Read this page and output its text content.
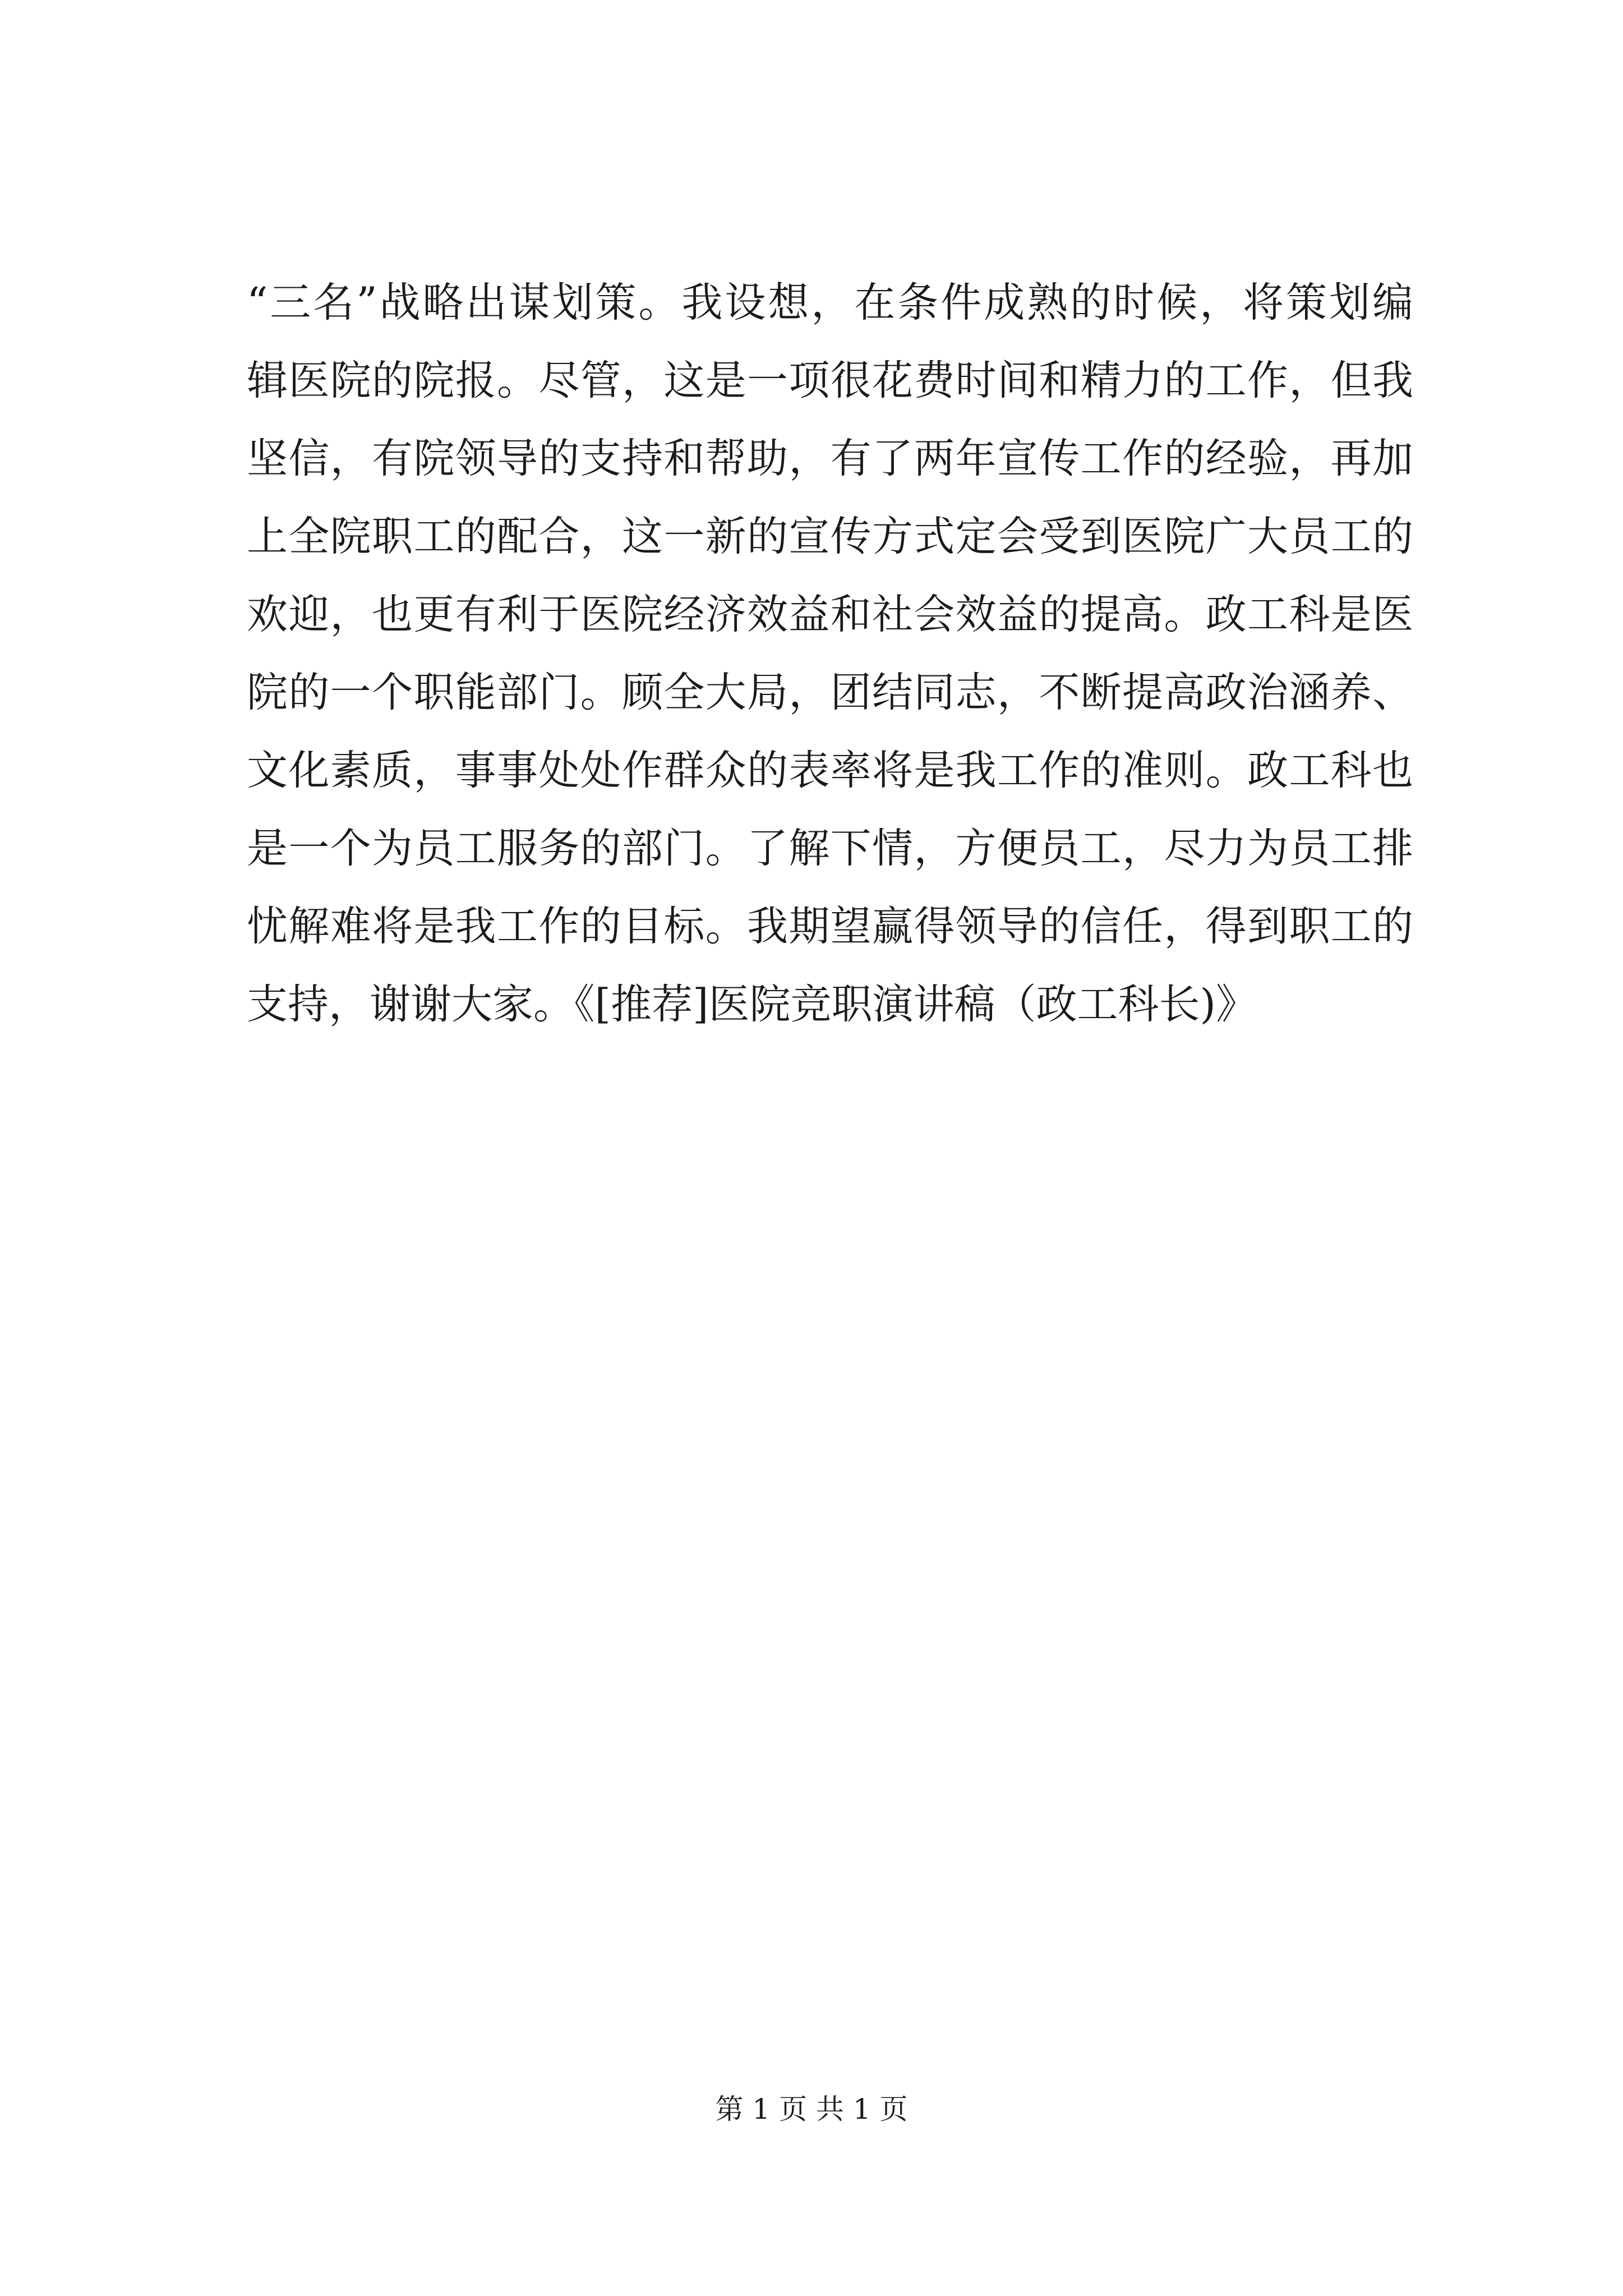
“三名”战略出谋划策。我设想，在条件成熟的时候，将策划编
辑医院的院报。尽管，这是一项很花费时间和精力的工作，但我
坚信，有院领导的支持和帮助，有了两年宣传工作的经验，再加
上全院职工的配合，这一新的宣传方式定会受到医院广大员工的
欢迎，也更有利于医院经济效益和社会效益的提高。政工科是医
院的一个职能部门。顾全大局，团结同志，不断提高政治涵养、
文化素质，事事处处作群众的表率将是我工作的准则。政工科也
是一个为员工服务的部门。了解下情，方便员工，尽力为员工排
忧解难将是我工作的目标。我期望赢得领导的信任，得到职工的
支持，谢谢大家。《[推荐]医院竞职演讲稿（政工科长)》
第 1 页 共 1 页
